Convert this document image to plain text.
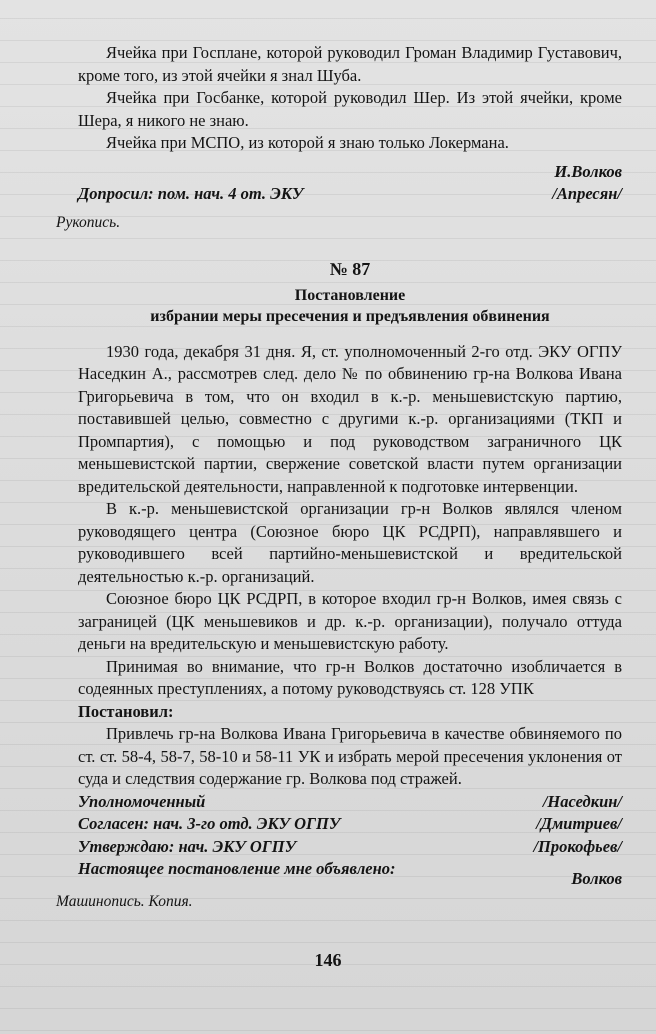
Ячейка при Госплане, которой руководил Громан Владимир Густавович, кроме того, из этой ячейки я знал Шуба.

Ячейка при Госбанке, которой руководил Шер. Из этой ячейки, кроме Шера, я никого не знаю.

Ячейка при МСПО, из которой я знаю только Локермана.

И.Волков

Допросил: пом. нач. 4 от. ЭКУ	/Апресян/

Рукопись.

№ 87

Постановление

избрании меры пресечения и предъявления обвинения

1930 года, декабря 31 дня. Я, ст. уполномоченный 2-го отд. ЭКУ ОГПУ Наседкин А., рассмотрев след. дело № по обвинению гр-на Волкова Ивана Григорьевича в том, что он входил в к.-р. меньшевистскую партию, поставившей целью, совместно с другими к.-р. организациями (ТКП и Промпартия), с помощью и под руководством заграничного ЦК меньшевистской партии, свержение советской власти путем организации вредительской деятельности, направленной к подготовке интервенции.

В к.-р. меньшевистской организации гр-н Волков являлся членом руководящего центра (Союзное бюро ЦК РСДРП), направлявшего и руководившего всей партийно-меньшевистской и вредительской деятельностью к.-р. организаций.

Союзное бюро ЦК РСДРП, в которое входил гр-н Волков, имея связь с заграницей (ЦК меньшевиков и др. к.-р. организации), получало оттуда деньги на вредительскую и меньшевистскую работу.

Принимая во внимание, что гр-н Волков достаточно изобличается в содеянных преступлениях, а потому руководствуясь ст. 128 УПК

Постановил:

Привлечь гр-на Волкова Ивана Григорьевича в качестве обвиняемого по ст. ст. 58-4, 58-7, 58-10 и 58-11 УК и избрать мерой пресечения уклонения от суда и следствия содержание гр. Волкова под стражей.

Уполномоченный	/Наседкин/
Согласен: нач. 3-го отд. ЭКУ ОГПУ	/Дмитриев/
Утверждаю: нач. ЭКУ ОГПУ	/Прокофьев/
Настоящее постановление мне объявлено:
Волков

Машинопись. Копия.

146
